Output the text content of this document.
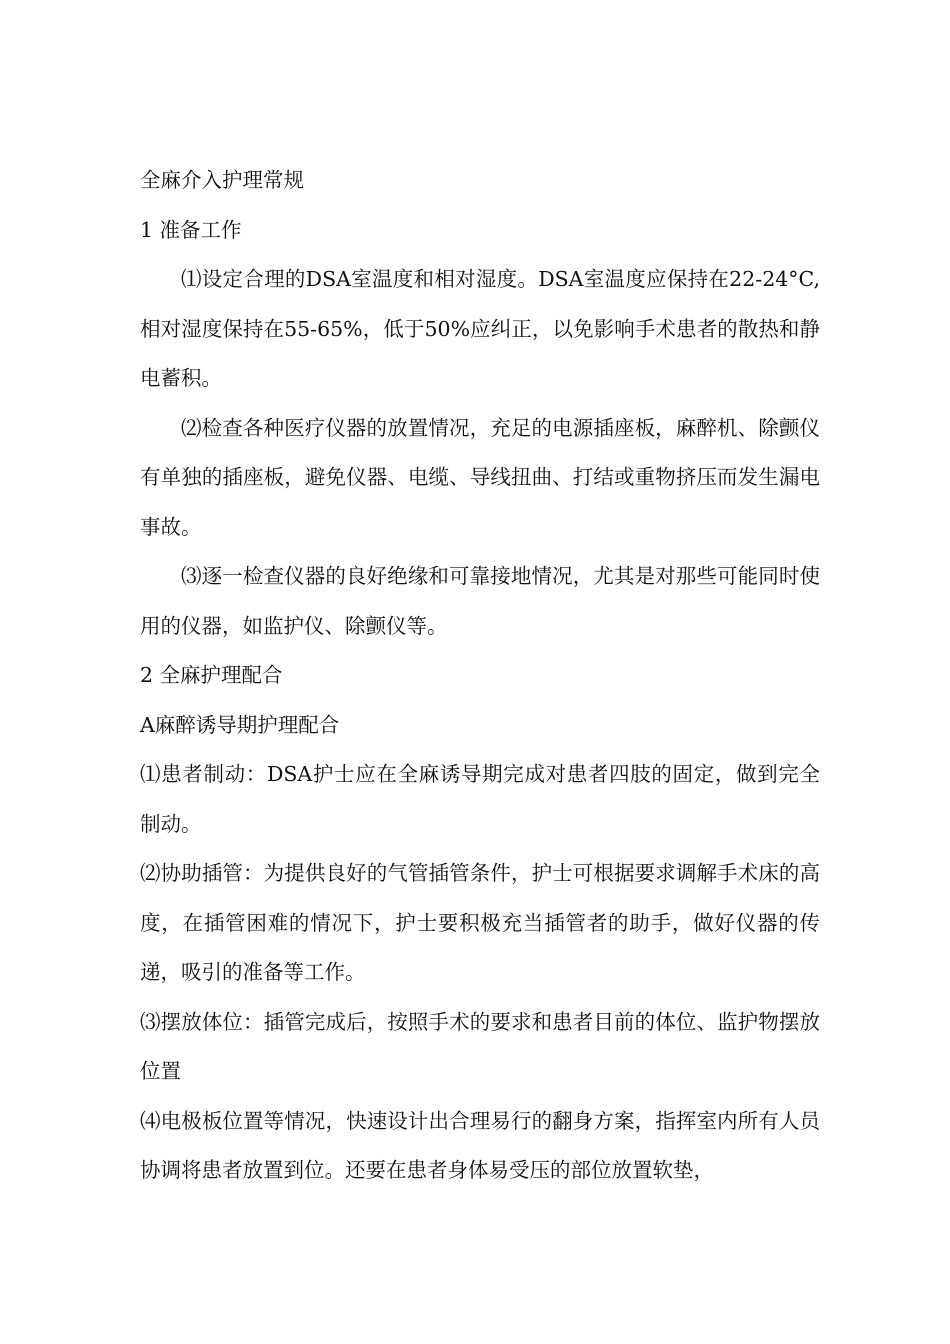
全麻介入护理常规

1 准备工作

⑴设定合理的DSA室温度和相对湿度。DSA室温度应保持在22-24°C,相对湿度保持在55-65%，低于50%应纠正，以免影响手术患者的散热和静电蓄积。

⑵检查各种医疗仪器的放置情况，充足的电源插座板，麻醉机、除颤仪有单独的插座板，避免仪器、电缆、导线扭曲、打结或重物挤压而发生漏电事故。

⑶逐一检查仪器的良好绝缘和可靠接地情况，尤其是对那些可能同时使用的仪器，如监护仪、除颤仪等。

2 全麻护理配合

A麻醉诱导期护理配合

⑴患者制动：DSA护士应在全麻诱导期完成对患者四肢的固定，做到完全制动。

⑵协助插管：为提供良好的气管插管条件，护士可根据要求调解手术床的高度，在插管困难的情况下，护士要积极充当插管者的助手，做好仪器的传递，吸引的准备等工作。

⑶摆放体位：插管完成后，按照手术的要求和患者目前的体位、监护物摆放位置

⑷电极板位置等情况，快速设计出合理易行的翻身方案，指挥室内所有人员协调将患者放置到位。还要在患者身体易受压的部位放置软垫，
